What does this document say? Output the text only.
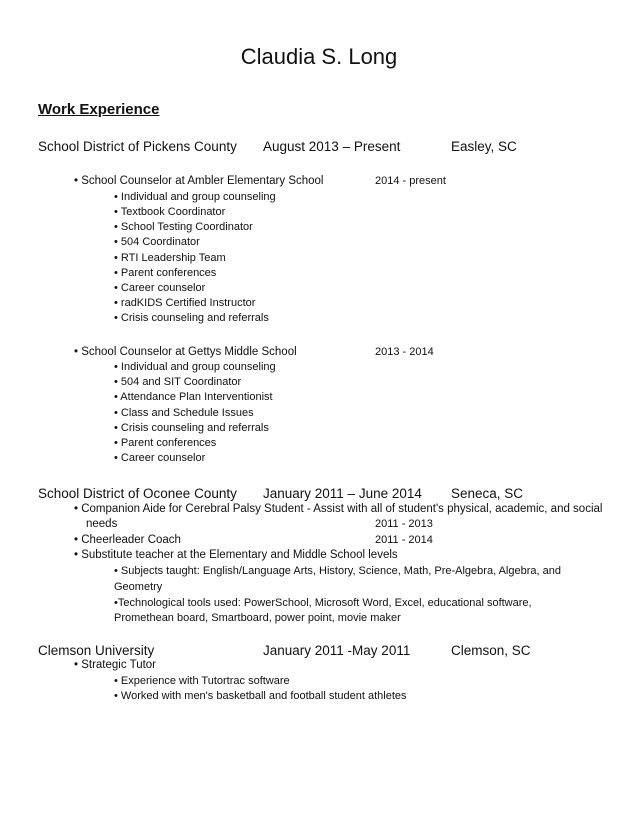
Claudia S. Long
Work Experience
School District of Pickens County August 2013 – Present	Easley, SC
• School Counselor at Ambler Elementary School	2014 - present
• Individual and group counseling
• Textbook Coordinator
• School Testing Coordinator
• 504 Coordinator
• RTI Leadership Team
• Parent conferences
• Career counselor
• radKIDS Certified Instructor
• Crisis counseling and referrals
• School Counselor at Gettys Middle School	2013 - 2014
• Individual and group counseling
• 504 and SIT Coordinator
• Attendance Plan Interventionist
• Class and Schedule Issues
• Crisis counseling and referrals
• Parent conferences
• Career counselor
School District of Oconee County January 2011 – June 2014 Seneca, SC
• Companion Aide for Cerebral Palsy Student - Assist with all of student's physical, academic, and social
needs	2011 - 2013
• Cheerleader Coach	2011 - 2014
• Substitute teacher at the Elementary and Middle School levels
• Subjects taught: English/Language Arts, History, Science, Math, Pre-Algebra, Algebra, and
Geometry
•Technological tools used: PowerSchool, Microsoft Word, Excel, educational software,
Promethean board, Smartboard, power point, movie maker
Clemson University	January 2011 -May 2011	Clemson, SC
• Strategic Tutor
• Experience with Tutortrac software
• Worked with men's basketball and football student athletes
